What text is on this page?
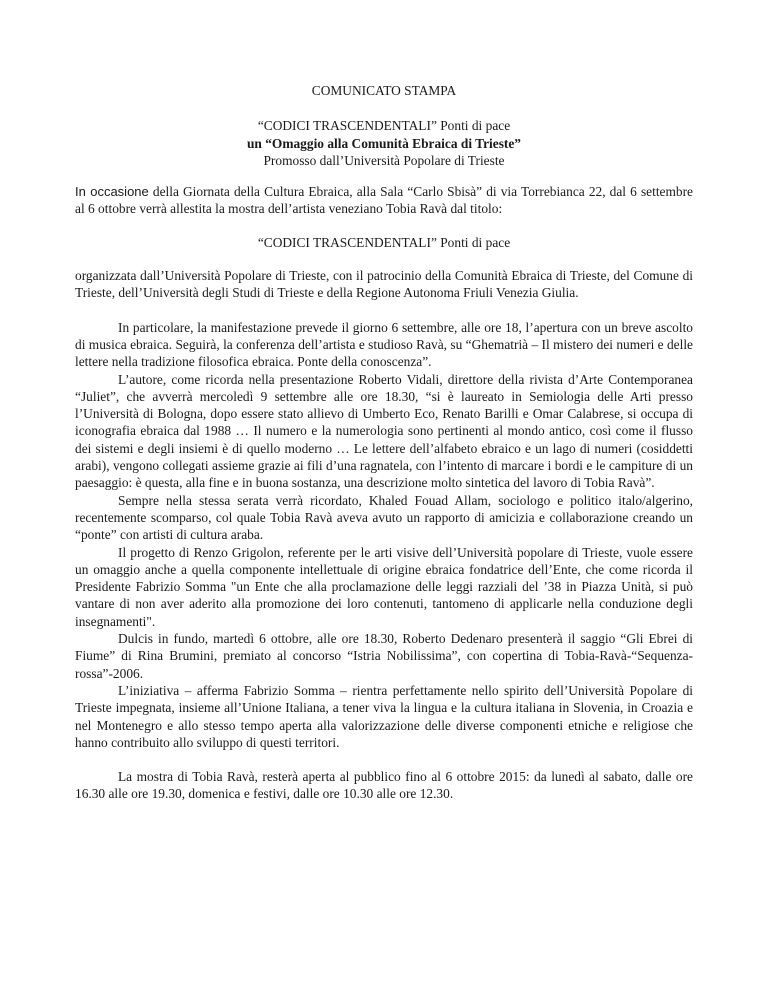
COMUNICATO STAMPA

“CODICI TRASCENDENTALI” Ponti di pace

un “Omaggio alla Comunità Ebraica di Trieste”

Promosso dall’Università Popolare di Trieste

In occasione della Giornata della Cultura Ebraica, alla Sala “Carlo Sbisà” di via Torrebianca 22, dal 6 settembre al 6 ottobre verrà allestita la mostra dell’artista veneziano Tobia Ravà dal titolo:

“CODICI TRASCENDENTALI” Ponti di pace

organizzata dall’Università Popolare di Trieste, con il patrocinio della Comunità Ebraica di Trieste, del Comune di Trieste, dell’Università degli Studi di Trieste e della Regione Autonoma Friuli Venezia Giulia.

In particolare, la manifestazione prevede il giorno 6 settembre, alle ore 18, l’apertura con un breve ascolto di musica ebraica. Seguirà, la conferenza dell’artista e studioso Ravà, su “Ghematrià – Il mistero dei numeri e delle lettere nella tradizione filosofica ebraica. Ponte della conoscenza”.

L’autore, come ricorda nella presentazione Roberto Vidali, direttore della rivista d’Arte Contemporanea “Juliet”, che avverrà mercoledì 9 settembre alle ore 18.30, “si è laureato in Semiologia delle Arti presso l’Università di Bologna, dopo essere stato allievo di Umberto Eco, Renato Barilli e Omar Calabrese, si occupa di iconografia ebraica dal 1988 … Il numero e la numerologia sono pertinenti al mondo antico, così come il flusso dei sistemi e degli insiemi è di quello moderno … Le lettere dell’alfabeto ebraico e un lago di numeri (cosiddetti arabi), vengono collegati assieme grazie ai fili d’una ragnatela, con l’intento di marcare i bordi e le campiture di un paesaggio: è questa, alla fine e in buona sostanza, una descrizione molto sintetica del lavoro di Tobia Ravà”.

Sempre nella stessa serata verrà ricordato, Khaled Fouad Allam, sociologo e politico italo/algerino, recentemente scomparso, col quale Tobia Ravà aveva avuto un rapporto di amicizia e collaborazione creando un “ponte” con artisti di cultura araba.

Il progetto di Renzo Grigolon, referente per le arti visive dell’Università popolare di Trieste, vuole essere un omaggio anche a quella componente intellettuale di origine ebraica fondatrice dell’Ente, che come ricorda il Presidente Fabrizio Somma "un Ente che alla proclamazione delle leggi razziali del ’38 in Piazza Unità, si può vantare di non aver aderito alla promozione dei loro contenuti, tantomeno di applicarle nella conduzione degli insegnamenti".

Dulcis in fundo, martedì 6 ottobre, alle ore 18.30, Roberto Dedenaro presenterà il saggio “Gli Ebrei di Fiume” di Rina Brumini, premiato al concorso “Istria Nobilissima”, con copertina di Tobia-Ravà-“Sequenza-rossa”-2006.

L’iniziativa – afferma Fabrizio Somma – rientra perfettamente nello spirito dell’Università Popolare di Trieste impegnata, insieme all’Unione Italiana, a tener viva la lingua e la cultura italiana in Slovenia, in Croazia e nel Montenegro e allo stesso tempo aperta alla valorizzazione delle diverse componenti etniche e religiose che hanno contribuito allo sviluppo di questi territori.

La mostra di Tobia Ravà, resterà aperta al pubblico fino al 6 ottobre 2015: da lunedì al sabato, dalle ore 16.30 alle ore 19.30, domenica e festivi, dalle ore 10.30 alle ore 12.30.
